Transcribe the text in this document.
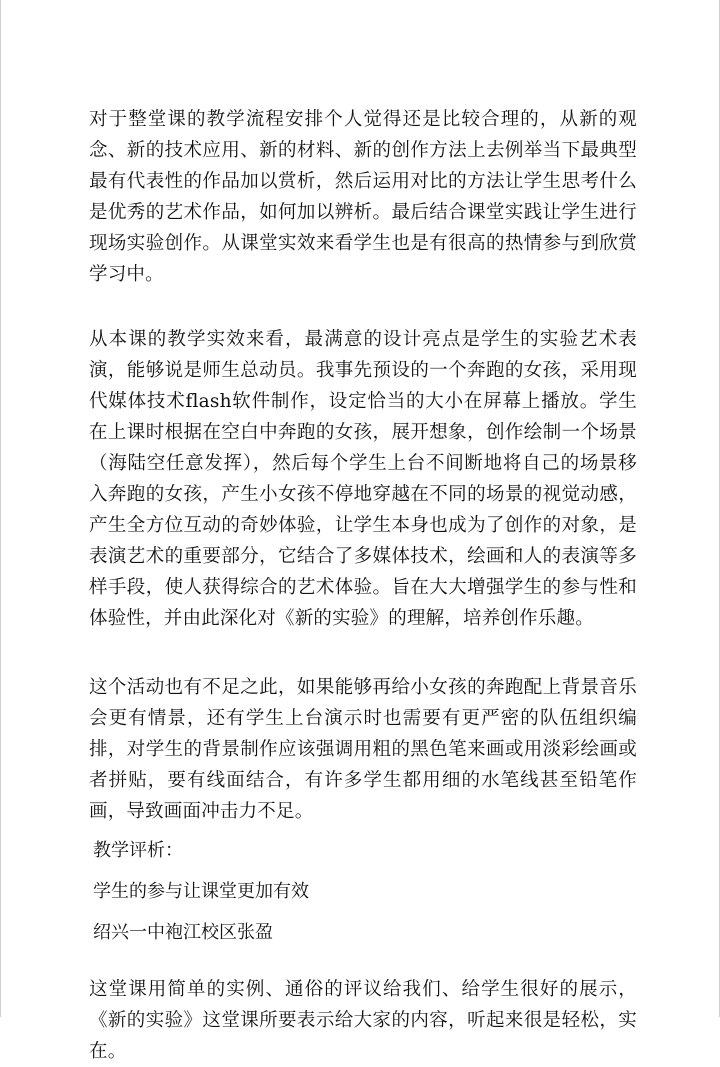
对于整堂课的教学流程安排个人觉得还是比较合理的，从新的观念、新的技术应用、新的材料、新的创作方法上去例举当下最典型最有代表性的作品加以赏析，然后运用对比的方法让学生思考什么是优秀的艺术作品，如何加以辨析。最后结合课堂实践让学生进行现场实验创作。从课堂实效来看学生也是有很高的热情参与到欣赏学习中。

从本课的教学实效来看，最满意的设计亮点是学生的实验艺术表演，能够说是师生总动员。我事先预设的一个奔跑的女孩，采用现代媒体技术flash软件制作，设定恰当的大小在屏幕上播放。学生在上课时根据在空白中奔跑的女孩，展开想象，创作绘制一个场景（海陆空任意发挥），然后每个学生上台不间断地将自己的场景移入奔跑的女孩，产生小女孩不停地穿越在不同的场景的视觉动感，产生全方位互动的奇妙体验，让学生本身也成为了创作的对象，是表演艺术的重要部分，它结合了多媒体技术，绘画和人的表演等多样手段，使人获得综合的艺术体验。旨在大大增强学生的参与性和体验性，并由此深化对《新的实验》的理解，培养创作乐趣。

这个活动也有不足之此，如果能够再给小女孩的奔跑配上背景音乐会更有情景，还有学生上台演示时也需要有更严密的队伍组织编排，对学生的背景制作应该强调用粗的黑色笔来画或用淡彩绘画或者拼贴，要有线面结合，有许多学生都用细的水笔线甚至铅笔作画，导致画面冲击力不足。

教学评析：

学生的参与让课堂更加有效

绍兴一中袍江校区张盈

这堂课用简单的实例、通俗的评议给我们、给学生很好的展示，《新的实验》这堂课所要表示给大家的内容，听起来很是轻松，实在。
